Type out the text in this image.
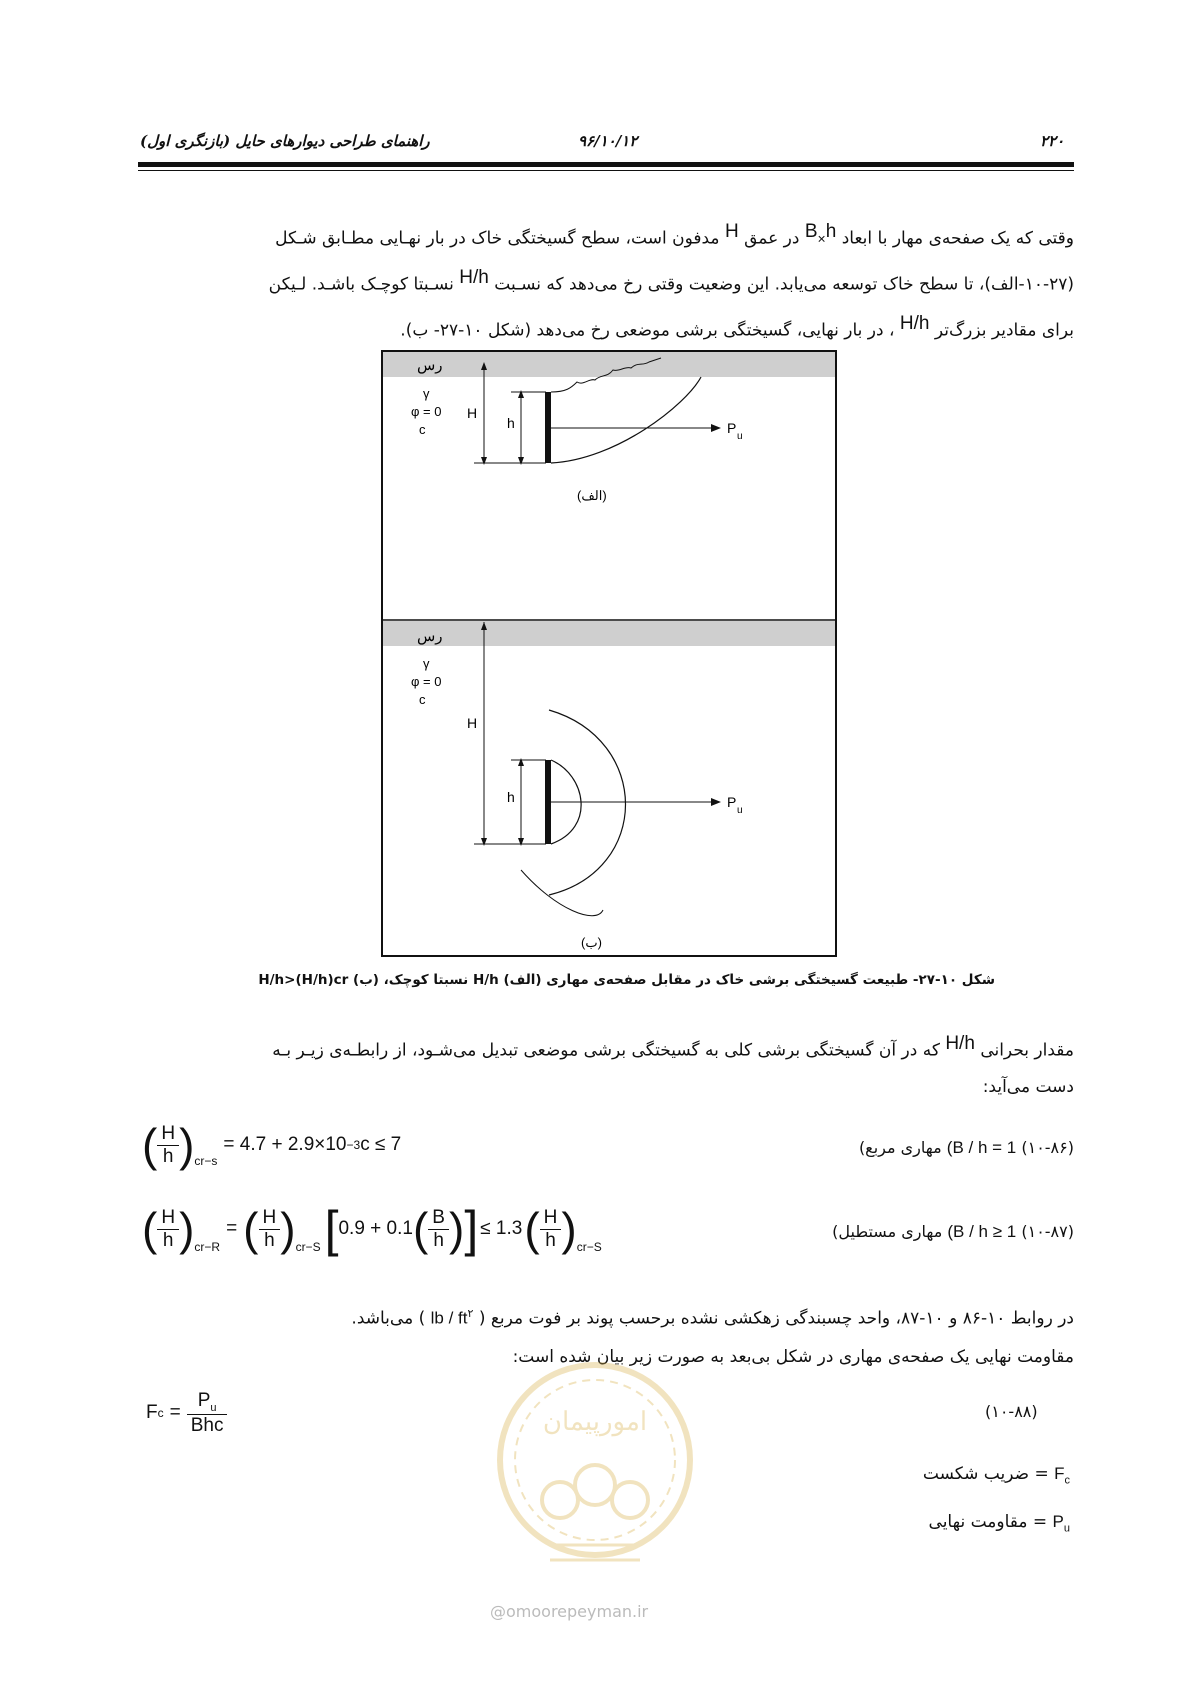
۲۲۰
۹۶/۱۰/۱۲
راهنمای طراحی دیوارهای حایل (بازنگری اول)
وقتی که یک صفحه‌ی مهار با ابعاد B×h در عمق H مدفون است، سطح گسیختگی خاک در بار نهـایی مطـابق شـکل
(۱۰-۲۷-الف)، تا سطح خاک توسعه می‌یابد. این وضعیت وقتی رخ می‌دهد که نسـبت H/h نسـبتا کوچـک باشـد. لـیکن
برای مقادیر بزرگ‌تر H/h ، در بار نهایی، گسیختگی برشی موضعی رخ می‌دهد (شکل ۱۰-۲۷- ب).
رس
γ
φ = 0
c
H
h	P
u
(الف)
رس
γ
φ = 0
c
H
h	P
u
(ب)
شکل ۱۰-۲۷- طبیعت گسیختگی برشی خاک در مقابل صفحه‌ی مهاری (الف) H/h نسبتا کوچک، (ب) H/h>(H/h)cr
مقدار بحرانی H/h که در آن گسیختگی برشی کلی به گسیختگی برشی موضعی تبدیل می‌شـود، از رابطـه‌ی زیـر بـه
دست می‌آید:
( $\frac{H}{h}$ ) cr−s
= 4.7 + 2.9×10 −3 c ≤ 7	(۱۰-۸۶) (B / h = 1 مهاری مربع)
( $\frac{H}{h}$ ) cr−R
= ( $\frac{H}{h}$ ) cr−S [ 0.9 + 0.1 ( $\frac{B}{h}$ ) ] ≤ 1.3 ( $\frac{H}{h}$ ) cr−S
(۱۰-۸۷) (B / h ≥ 1 مهاری مستطیل)
در روابط ۱۰-۸۶ و ۱۰-۸۷، واحد چسبندگی زهکشی نشده برحسب پوند بر فوت مربع ( lb / $ft^۲$ ) می‌باشد.
مقاومت نهایی یک صفحه‌ی مهاری در شکل بی‌بعد به صورت زیر بیان شده است:
F $c = \frac{P_u}{\text{Bhc}}$	(۱۰-۸۸)
$F_c$ = ضریب شکست
$P_u$ = مقاومت نهایی
امورپیمان
@omoorepeyman.ir
